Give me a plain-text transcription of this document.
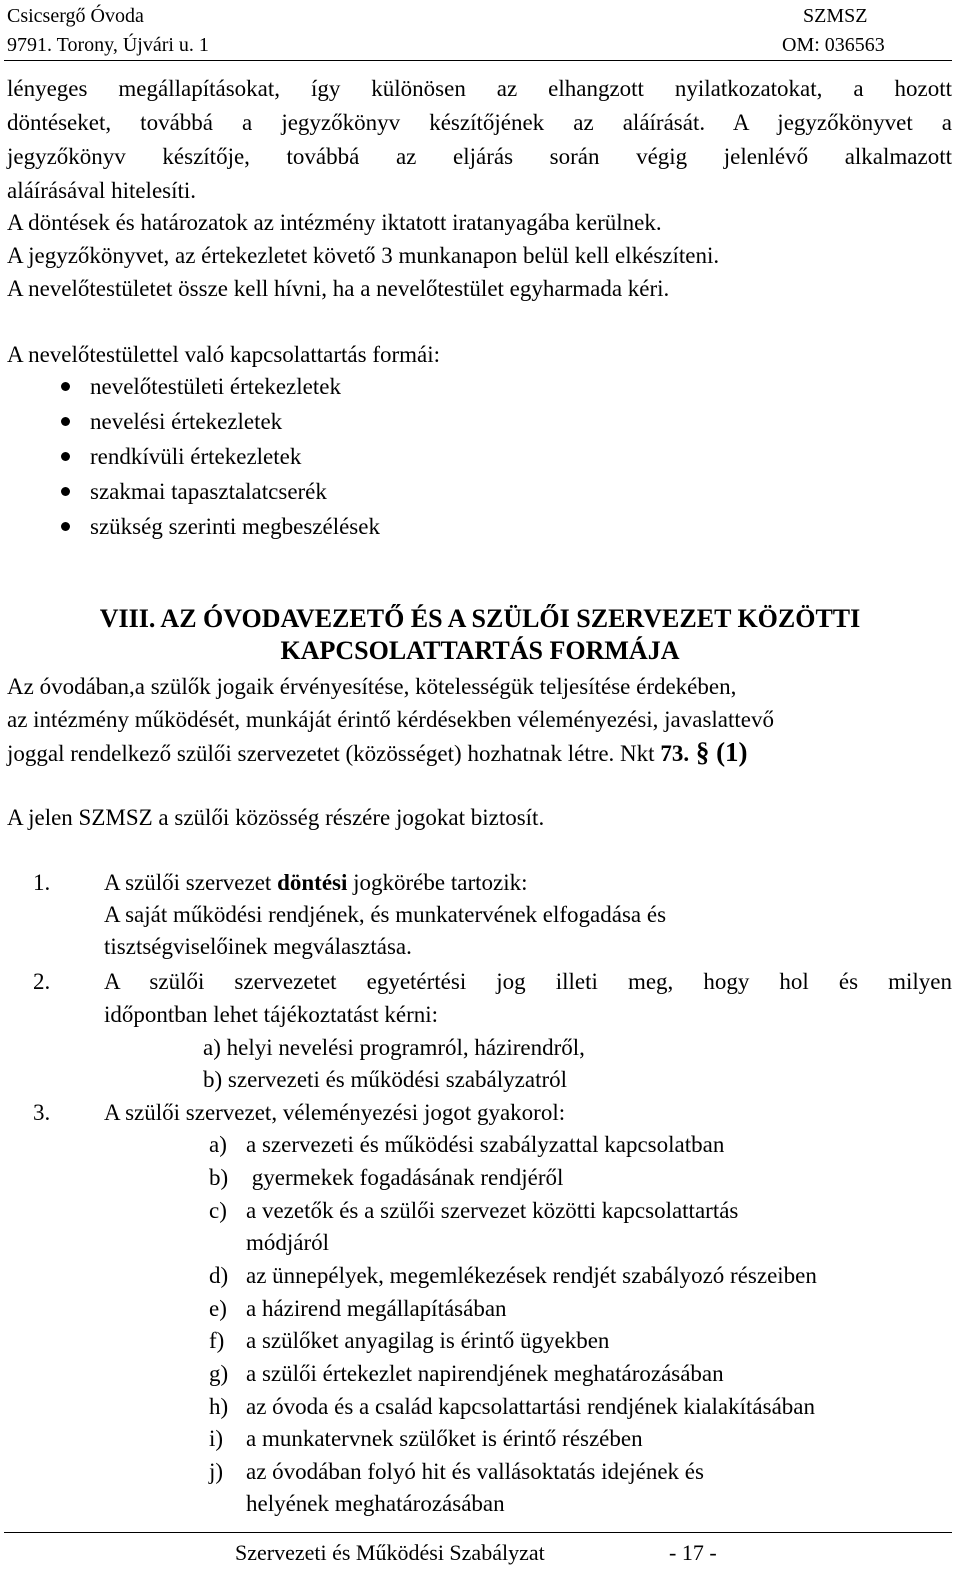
Csicsergő Óvoda
9791. Torony, Újvári u. 1
SZMSZ
OM: 036563
lényeges megállapításokat, így különösen az elhangzott nyilatkozatokat, a hozott
döntéseket, továbbá a jegyzőkönyv készítőjének az aláírását. A jegyzőkönyvet a
jegyzőkönyv készítője, továbbá az eljárás során végig jelenlévő alkalmazott
aláírásával hitelesíti.
A döntések és határozatok az intézmény iktatott iratanyagába kerülnek.
A jegyzőkönyvet, az értekezletet követő 3 munkanapon belül kell elkészíteni.
A nevelőtestületet össze kell hívni, ha a nevelőtestület egyharmada kéri.
A nevelőtestülettel való kapcsolattartás formái:
nevelőtestületi értekezletek
nevelési értekezletek
rendkívüli értekezletek
szakmai tapasztalatcserék
szükség szerinti megbeszélések
VIII. AZ ÓVODAVEZETŐ ÉS A SZÜLŐI SZERVEZET KÖZÖTTI
KAPCSOLATTARTÁS FORMÁJA
Az óvodában,a szülők jogaik érvényesítése, kötelességük teljesítése érdekében,
az intézmény működését, munkáját érintő kérdésekben véleményezési, javaslattevő
joggal rendelkező szülői szervezetet (közösséget) hozhatnak létre. Nkt 73. § (1)
A jelen SZMSZ a szülői közösség részére jogokat biztosít.
1. A szülői szervezet döntési jogkörébe tartozik:
A saját működési rendjének, és munkatervének elfogadása és
tisztségviselőinek megválasztása.
2. A szülői szervezetet egyetértési jog illeti meg, hogy hol és milyen
időpontban lehet tájékoztatást kérni:
a) helyi nevelési programról, házirendről,
b) szervezeti és működési szabályzatról
3. A szülői szervezet, véleményezési jogot gyakorol:
a) a szervezeti és működési szabályzattal kapcsolatban
b) gyermekek fogadásának rendjéről
c) a vezetők és a szülői szervezet közötti kapcsolattartás
módjáról
d) az ünnepélyek, megemlékezések rendjét szabályozó részeiben
e) a házirend megállapításában
f) a szülőket anyagilag is érintő ügyekben
g) a szülői értekezlet napirendjének meghatározásában
h) az óvoda és a család kapcsolattartási rendjének kialakításában
i) a munkatervnek szülőket is érintő részében
j) az óvodában folyó hit és vallásoktatás idejének és
helyének meghatározásában
Szervezeti és Működési Szabályzat	- 17 -
